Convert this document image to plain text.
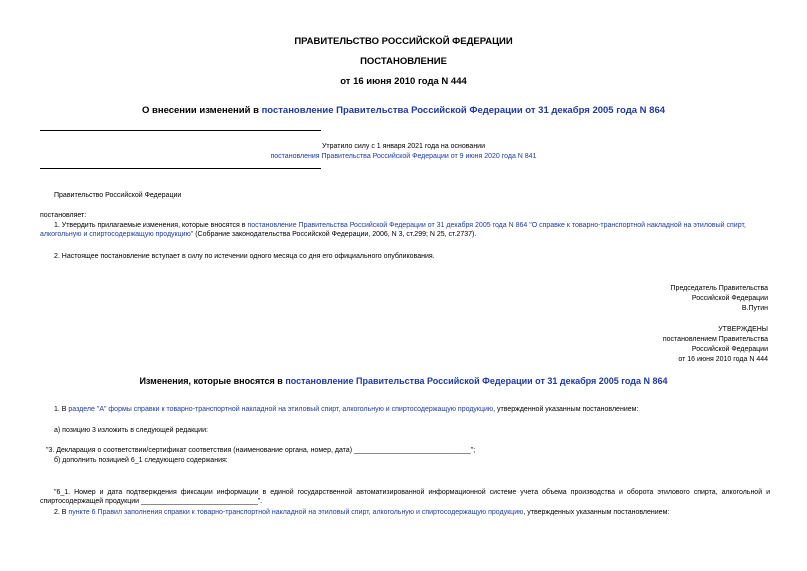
ПРАВИТЕЛЬСТВО РОССИЙСКОЙ ФЕДЕРАЦИИ
ПОСТАНОВЛЕНИЕ
от 16 июня 2010 года N 444
О внесении изменений в постановление Правительства Российской Федерации от 31 декабря 2005 года N 864
Утратило силу с 1 января 2021 года на основании
постановления Правительства Российской Федерации от 9 июня 2020 года N 841
Правительство Российской Федерации
постановляет:
1. Утвердить прилагаемые изменения, которые вносятся в постановление Правительства Российской Федерации от 31 декабря 2005 года N 864 "О справке к товарно-транспортной накладной на этиловый спирт, алкогольную и спиртосодержащую продукцию" (Собрание законодательства Российской Федерации, 2006, N 3, ст.299; N 25, ст.2737).
2. Настоящее постановление вступает в силу по истечении одного месяца со дня его официального опубликования.
Председатель Правительства
Российской Федерации
В.Путин
УТВЕРЖДЕНЫ
постановлением Правительства
Российской Федерации
от 16 июня 2010 года N 444
Изменения, которые вносятся в постановление Правительства Российской Федерации от 31 декабря 2005 года N 864
1. В разделе "А" формы справки к товарно-транспортной накладной на этиловый спирт, алкогольную и спиртосодержащую продукцию, утвержденной указанным постановлением:
а) позицию 3 изложить в следующей редакции:
"3. Декларация о соответствии/сертификат соответствия (наименование органа, номер, дата) ______________________________";
б) дополнить позицией 6_1 следующего содержания:
"6_1. Номер и дата подтверждения фиксации информации в единой государственной автоматизированной информационной системе учета объема производства и оборота этилового спирта, алкогольной и спиртосодержащей продукции ______________________________".
2. В пункте 6 Правил заполнения справки к товарно-транспортной накладной на этиловый спирт, алкогольную и спиртосодержащую продукцию, утвержденных указанным постановлением:
